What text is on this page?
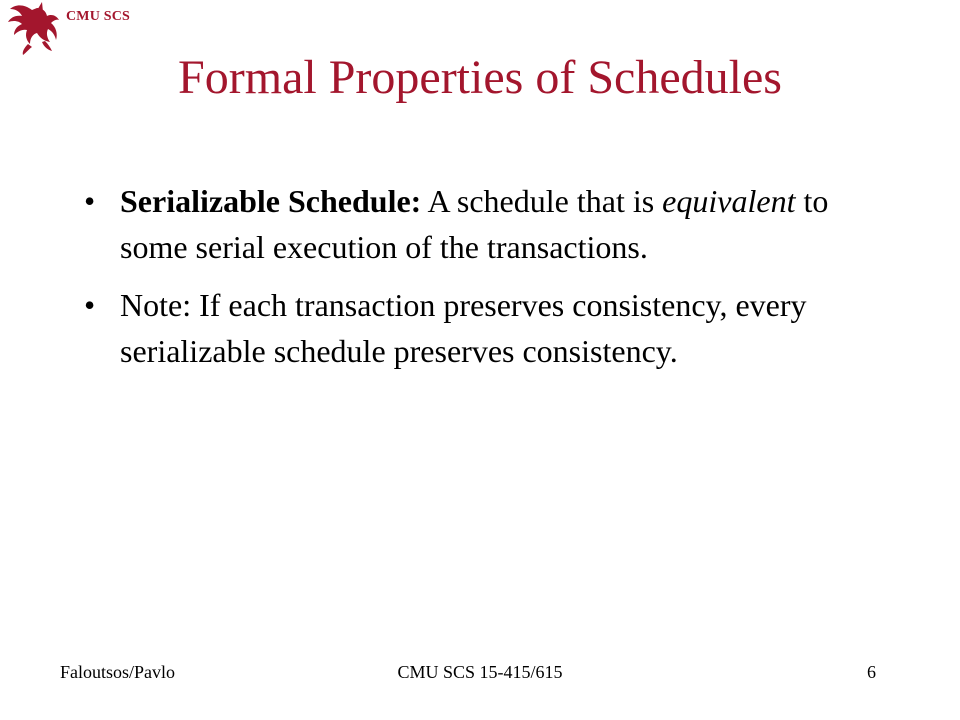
CMU SCS
Formal Properties of Schedules
• Serializable Schedule: A schedule that is equivalent to some serial execution of the transactions.
• Note: If each transaction preserves consistency, every serializable schedule preserves consistency.
Faloutsos/Pavlo	CMU SCS 15-415/615	6
